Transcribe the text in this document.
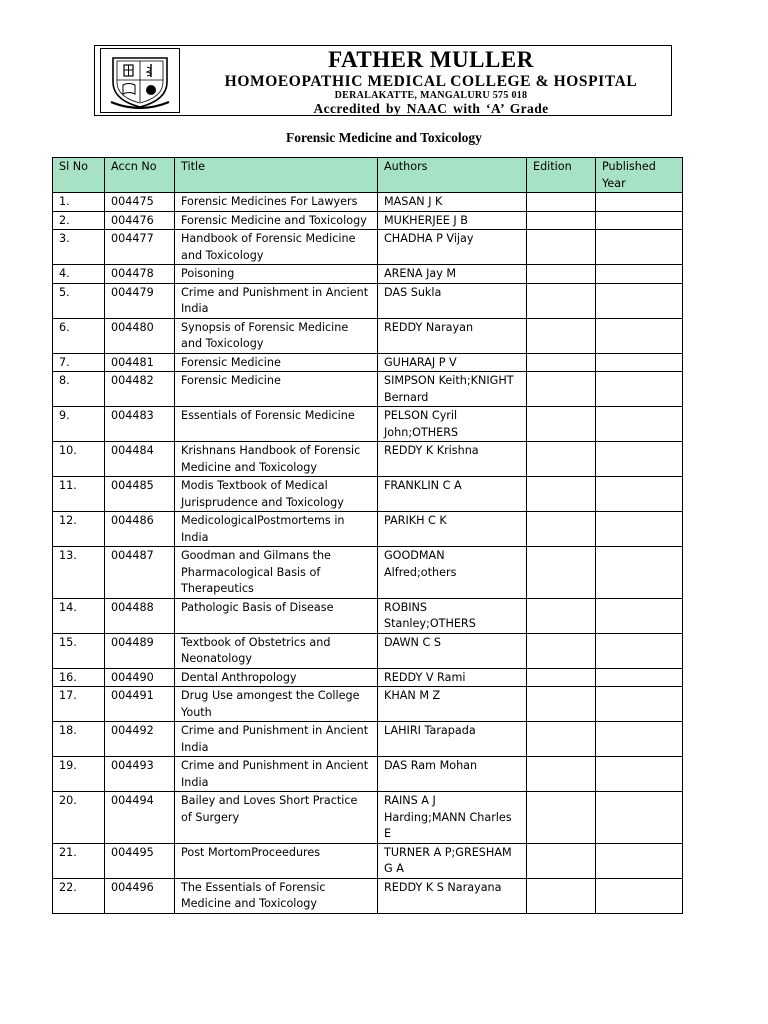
FATHER MULLER
HOMOEOPATHIC MEDICAL COLLEGE & HOSPITAL
DERALAKATTE, MANGALURU 575 018
Accredited by NAAC with ‘A’ Grade
Forensic Medicine and Toxicology
Sl No	Accn No	Title	Authors	Edition	Published Year
1.	004475	Forensic Medicines For Lawyers	MASAN J K		
2.	004476	Forensic Medicine and Toxicology	MUKHERJEE J B		
3.	004477	Handbook of Forensic Medicine and Toxicology	CHADHA P Vijay		
4.	004478	Poisoning	ARENA Jay M		
5.	004479	Crime and Punishment in Ancient India	DAS Sukla		
6.	004480	Synopsis of Forensic Medicine and Toxicology	REDDY Narayan		
7.	004481	Forensic Medicine	GUHARAJ P V		
8.	004482	Forensic Medicine	SIMPSON Keith;KNIGHT Bernard		
9.	004483	Essentials of Forensic Medicine	PELSON Cyril John;OTHERS		
10.	004484	Krishnans Handbook of Forensic Medicine and Toxicology	REDDY K Krishna		
11.	004485	Modis Textbook of Medical Jurisprudence and Toxicology	FRANKLIN C A		
12.	004486	MedicologicalPostmortems in India	PARIKH C K		
13.	004487	Goodman and Gilmans the Pharmacological Basis of Therapeutics	GOODMAN Alfred;others		
14.	004488	Pathologic Basis of Disease	ROBINS Stanley;OTHERS		
15.	004489	Textbook of Obstetrics and Neonatology	DAWN C S		
16.	004490	Dental Anthropology	REDDY V Rami		
17.	004491	Drug Use amongest the College Youth	KHAN M Z		
18.	004492	Crime and Punishment in Ancient India	LAHIRI Tarapada		
19.	004493	Crime and Punishment in Ancient India	DAS Ram Mohan		
20.	004494	Bailey and Loves Short Practice of Surgery	RAINS A J Harding;MANN Charles E		
21.	004495	Post MortomProceedures	TURNER A P;GRESHAM G A		
22.	004496	The Essentials of Forensic Medicine and Toxicology	REDDY K S Narayana		
